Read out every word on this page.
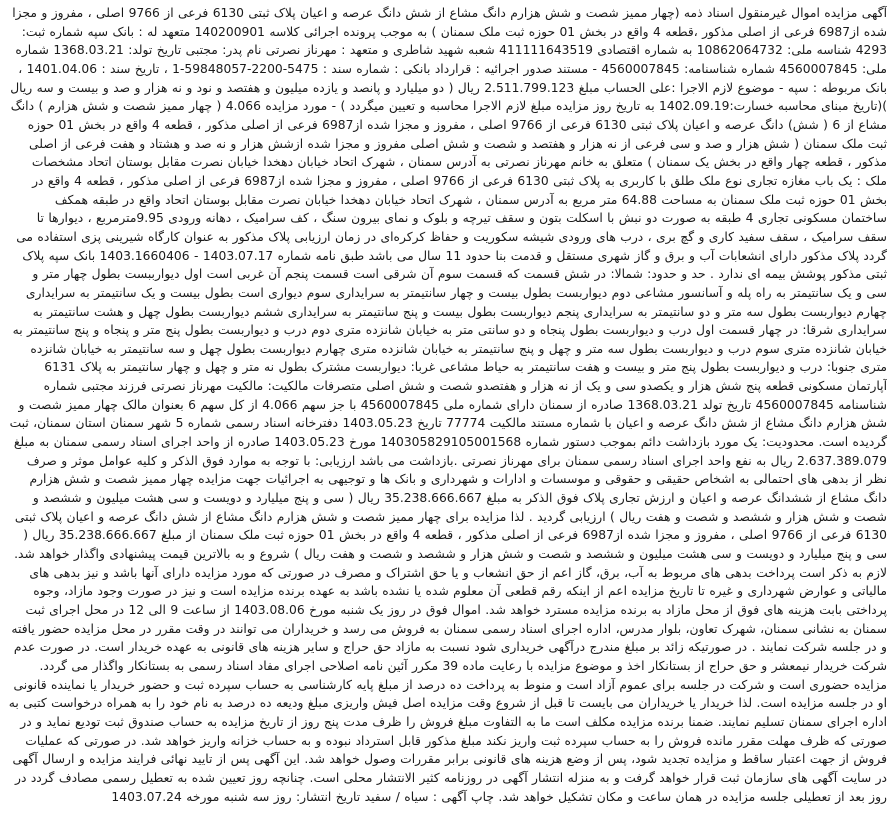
آگهی مزایده اموال غیرمنقول اسناد ذمه (چهار ممیز شصت و شش هزارم دانگ مشاع از شش دانگ عرصه و اعیان پلاک ثبتی 6130 فرعی از 9766 اصلی ، مفروز و مجزا شده از6987 فرعی از اصلی مذکور ،قطعه 4 واقع در بخش 01 حوزه ثبت ملک سمنان ) به موجب پرونده اجرائی کلاسه 140200901 متعهد له : بانک سپه شماره ثبت: 4293 شناسه ملی: 10862064732 به شماره اقتصادی 411111643519 شعبه شهید شاطری و متعهد : مهرناز نصرتی نام پدر: مجتبی تاریخ تولد: 1368.03.21 شماره ملی: 4560007845 شماره شناسنامه: 4560007845 - مستند صدور اجرائیه : قرارداد بانکی : شماره سند : 5475-2200-59848057-1 ، تاریخ سند : 1401.04.06 ، بانک مربوطه : سپه - موضوع لازم الاجرا :علی الحساب مبلغ 2.511.799.123 ریال ( دو میلیارد و پانصد و یازده میلیون و هفتصد و نود و نه هزار و صد و بیست و سه ریال )(تاریخ مبنای محاسبه خسارت:1402.09.19 به تاریخ روز مزایده مبلغ لازم الاجرا محاسبه و تعیین میگردد ) - مورد مزایده 4.066 ( چهار ممیز شصت و شش هزارم ) دانگ مشاع از 6 ( شش) دانگ عرصه و اعیان پلاک ثبتی 6130 فرعی از 9766 اصلی ، مفروز و مجزا شده از6987 فرعی از اصلی مذکور ، قطعه 4 واقع در بخش 01 حوزه ثبت ملک سمنان ( شش هزار و صد و سی فرعی از نه هزار و هفتصد و شصت و شش اصلی مفروز و مجزا شده ازشش هزار و نه صد و هشتاد و هفت فرعی از اصلی مذکور ، قطعه چهار واقع در بخش یک سمنان ) متعلق به خانم مهرناز نصرتی به آدرس سمنان ، شهرک اتحاد خیابان دهخدا خیابان نصرت مقابل بوستان اتحاد مشخصات ملک : یک باب مغازه تجاری نوع ملک طلق با کاربری به پلاک ثبتی 6130 فرعی از 9766 اصلی ، مفروز و مجزا شده از6987 فرعی از اصلی مذکور ، قطعه 4 واقع در بخش 01 حوزه ثبت ملک سمنان به مساحت 64.88 متر مربع به آدرس سمنان ، شهرک اتحاد خیابان دهخدا خیابان نصرت مقابل بوستان اتحاد واقع در طبقه همکف ساختمان مسکونی تجاری 4 طبقه به صورت دو نبش با اسکلت بتون و سقف تیرچه و بلوک و نمای بیرون سنگ ، کف سرامیک ، دهانه ورودی 9.95مترمربع ، دیوارها تا سقف سرامیک ، سقف سفید کاری و گچ بری ، درب های ورودی شیشه سکوریت و حفاظ کرکره‌ای در زمان ارزیابی پلاک مذکور به عنوان کارگاه شیرینی پزی استفاده می گردد پلاک مذکور دارای انشعابات آب و برق و گاز شهری مستقل و قدمت بنا حدود 11 سال می باشد طبق نامه شماره 1403.07.17 - 1403.1660406 بانک سپه پلاک ثبتی مذکور پوشش بیمه ای ندارد . حد و حدود: شمالا: در شش قسمت که قسمت سوم آن شرقی است قسمت پنجم آن غربی است اول دیوارببست بطول چهار متر و سی و یک سانتیمتر به راه پله و آسانسور مشاعی دوم دیواربست بطول بیست و چهار سانتیمتر به سرایداری سوم دیواری است بطول بیست و یک سانتیمتر به سرایداری چهارم دیواربست بطول سه متر و دو سانتیمتر به سرایداری پنجم دیواربست بطول بیست و پنج سانتیمتر به سرایداری ششم دیواربست بطول چهل و هشت سانتیمتر به سرایداری شرقا: در چهار قسمت اول درب و دیواربست بطول پنجاه و دو سانتی متر به خیابان شانزده متری دوم درب و دیواربست بطول پنج متر و پنجاه و پنج سانتیمتر به خیابان شانزده متری سوم درب و دیواربست بطول سه متر و چهل و پنج سانتیمتر به خیابان شانزده متری چهارم دیواربست بطول چهل و سه سانتیمتر به خیابان شانزده متری جنوبا: درب و دیواربست بطول پنج متر و بیست و هفت سانتیمتر به حیاط مشاعی غربا: دیواربست مشترک بطول نه متر و چهل و چهار سانتیمتر به پلاک 6131 آپارتمان مسکونی قطعه پنج شش هزار و یکصدو سی و یک از نه هزار و هفتصدو شصت و شش اصلی متصرفات مالکیت: مالکیت مهرناز نصرتی فرزند مجتبی شماره شناسنامه 4560007845 تاریخ تولد 1368.03.21 صادره از سمنان دارای شماره ملی 4560007845 با جز سهم 4.066 از کل سهم 6 بعنوان مالک چهار ممیز شصت و شش هزارم دانگ مشاع از شش دانگ عرصه و اعیان با شماره مستند مالکیت 77774 تاریخ 1403.05.23 دفترخانه اسناد رسمی شماره 5 شهر سمنان استان سمنان، ثبت گردیده است. محدودیت: یک مورد بازداشت دائم بموجب دستور شماره 140305829105001568 مورخ 1403.05.23 صادره از واحد اجرای اسناد رسمی سمنان به مبلغ 2.637.389.079 ریال به نفع واحد اجرای اسناد رسمی سمنان برای مهرناز نصرتی .بازداشت می باشد ارزیابی: با توجه به موارد فوق الذکر و کلیه عوامل موثر و صرف نظر از بدهی های احتمالی به اشخاص حقیقی و حقوقی و موسسات و ادارات و شهرداری و بانک ها و توجیهی به اجرائیات جهت مزایده چهار ممیز شصت و شش هزارم دانگ مشاع از ششدانگ عرصه و اعیان و ارزش تجاری پلاک فوق الذکر به مبلغ 35.238.666.667 ریال ( سی و پنج میلیارد و دویست و سی هشت میلیون و ششصد و شصت و شش هزار و ششصد و شصت و هفت ریال ) ارزیابی گردید . لذا مزایده برای چهار ممیز شصت و شش هزارم دانگ مشاع از شش دانگ عرصه و اعیان پلاک ثبتی 6130 فرعی از 9766 اصلی ، مفروز و مجزا شده از6987 فرعی از اصلی مذکور ، قطعه 4 واقع در بخش 01 حوزه ثبت ملک سمنان از مبلغ 35.238.666.667 ریال ( سی و پنج میلیارد و دویست و سی هشت میلیون و ششصد و شصت و شش هزار و ششصد و شصت و هفت ریال ) شروع و به بالاترین قیمت پیشنهادی واگذار خواهد شد. لازم به ذکر است پرداخت بدهی های مربوط به آب، برق، گاز اعم از حق انشعاب و یا حق اشتراک و مصرف در صورتی که مورد مزایده دارای آنها باشد و نیز بدهی های مالیاتی و عوارض شهرداری و غیره تا تاریخ مزایده اعم از اینکه رقم قطعی آن معلوم شده یا نشده باشد به عهده برنده مزایده است و نیز در صورت وجود مازاد، وجوه پرداختی بابت هزینه های فوق از محل مازاد به برنده مزایده مسترد خواهد شد. اموال فوق در روز یک شنبه مورخ 1403.08.06 از ساعت 9 الی 12 در محل اجرای ثبت سمنان به نشانی سمنان، شهرک تعاون، بلوار مدرس، اداره اجرای اسناد رسمی سمنان به فروش می رسد و خریداران می توانند در وقت مقرر در محل مزایده حضور یافته و در جلسه شرکت نمایند . در صورتیکه زائد بر مبلغ مندرج درآگهی خریداری شود نسبت به مازاد حق حراج و سایر هزینه های قانونی به عهده خریدار است. در صورت عدم شرکت خریدار نیمعشر و حق حراج از بستانکار اخذ و موضوع مزایده با رعایت ماده 39 مکرر آئین نامه اصلاحی اجرای مفاد اسناد رسمی به بستانکار واگذار می گردد. مزایده حضوری است و شرکت در جلسه برای عموم آزاد است و منوط به پرداخت ده درصد از مبلغ پایه کارشناسی به حساب سپرده ثبت و حضور خریدار یا نماینده قانونی او در جلسه مزایده است. لذا خریدار یا خریداران می بایست تا قبل از شروع وقت مزایده اصل فیش واریزی مبلغ ودیعه ده درصد به نام خود را به همراه درخواست کتبی به اداره اجرای سمنان تسلیم نمایند. ضمنا برنده مزایده مکلف است ما به التفاوت مبلغ فروش را ظرف مدت پنج روز از تاریخ مزایده به حساب صندوق ثبت تودیع نماید و در صورتی که ظرف مهلت مقرر مانده فروش را به حساب سپرده ثبت واریز نکند مبلغ مذکور قابل استرداد نبوده و به حساب خزانه واریز خواهد شد. در صورتی که عملیات فروش از جهت اعتبار ساقط و مزایده تجدید شود، پس از وضع هزینه های قانونی برابر مقررات وصول خواهد شد. این آگهی پس از تایید نهائی فرایند مزایده و ارسال آگهی در سایت آگهی های سازمان ثبت قرار خواهد گرفت و به منزله انتشار آگهی در روزنامه کثیر الانتشار محلی است. چنانچه روز تعیین شده به تعطیل رسمی مصادف گردد در روز بعد از تعطیلی جلسه مزایده در همان ساعت و مکان تشکیل خواهد شد. چاپ آگهی : سیاه / سفید تاریخ انتشار: روز سه شنبه مورخه 1403.07.24
